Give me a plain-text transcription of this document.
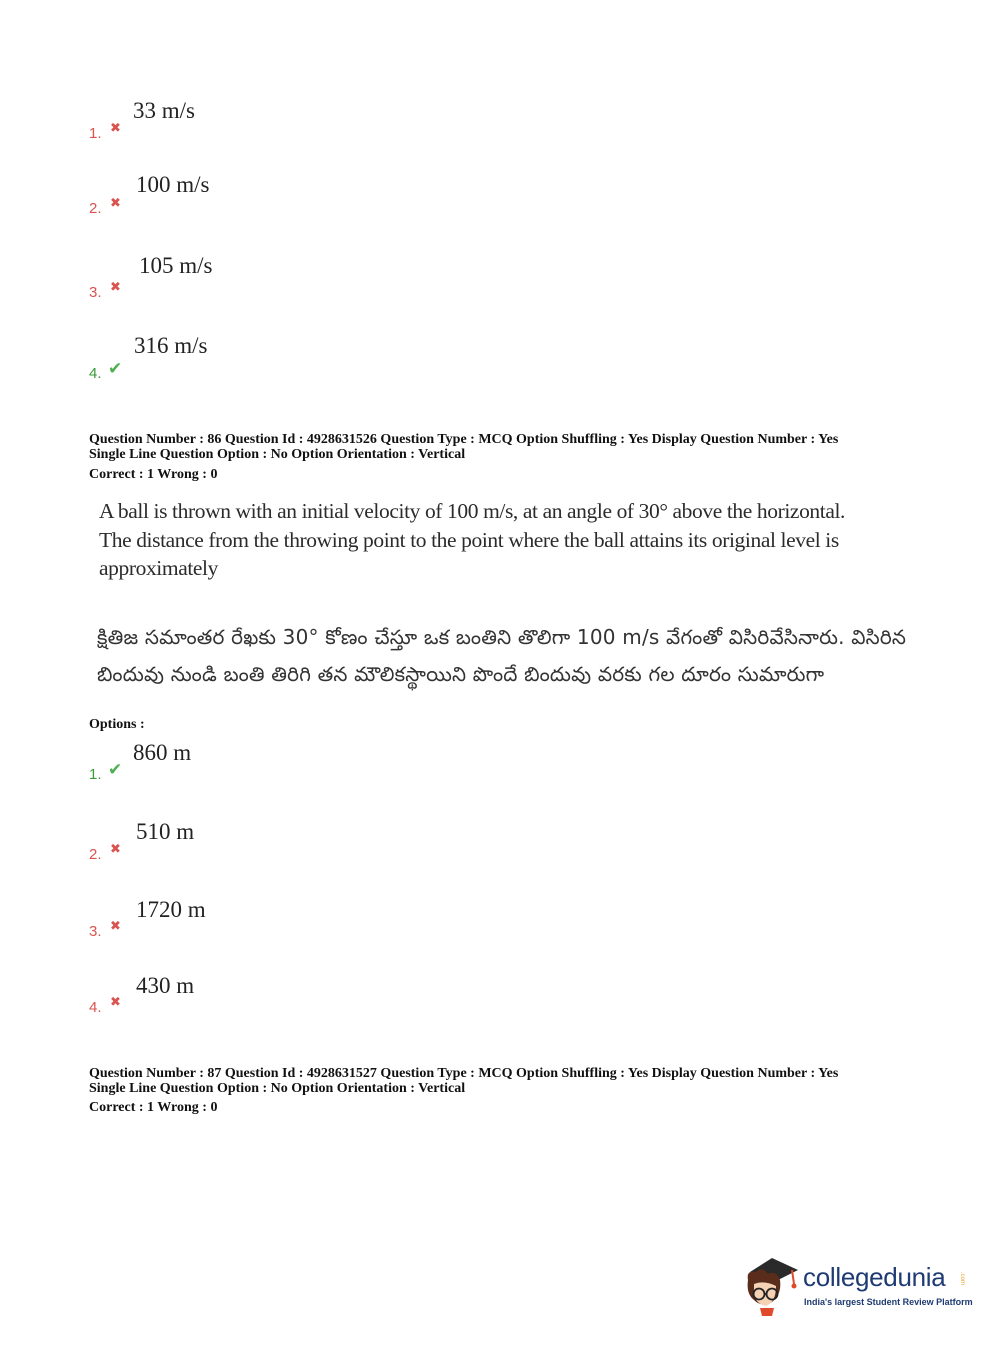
1. ✖
33 m/s
2. ✖
100 m/s
3. ✖
105 m/s
4. ✔
316 m/s
Question Number : 86 Question Id : 4928631526 Question Type : MCQ Option Shuffling : Yes Display Question Number : Yes
Single Line Question Option : No Option Orientation : Vertical
Correct : 1 Wrong : 0
A ball is thrown with an initial velocity of 100 m/s, at an angle of 30° above the horizontal.
The distance from the throwing point to the point where the ball attains its original level is
approximately
క్షితిజ సమాంతర రేఖకు 30° కోణం చేస్తూ ఒక బంతిని తొలిగా 100 m/s వేగంతో విసిరివేసినారు. విసిరిన
బిందువు నుండి బంతి తిరిగి తన మౌలికస్థాయిని పొందే బిందువు వరకు గల దూరం సుమారుగా
Options :
1. ✔
860 m
2. ✖
510 m
3. ✖
1720 m
4. ✖
430 m
Question Number : 87 Question Id : 4928631527 Question Type : MCQ Option Shuffling : Yes Display Question Number : Yes
Single Line Question Option : No Option Orientation : Vertical
Correct : 1 Wrong : 0
collegedunia .com
India's largest Student Review Platform
